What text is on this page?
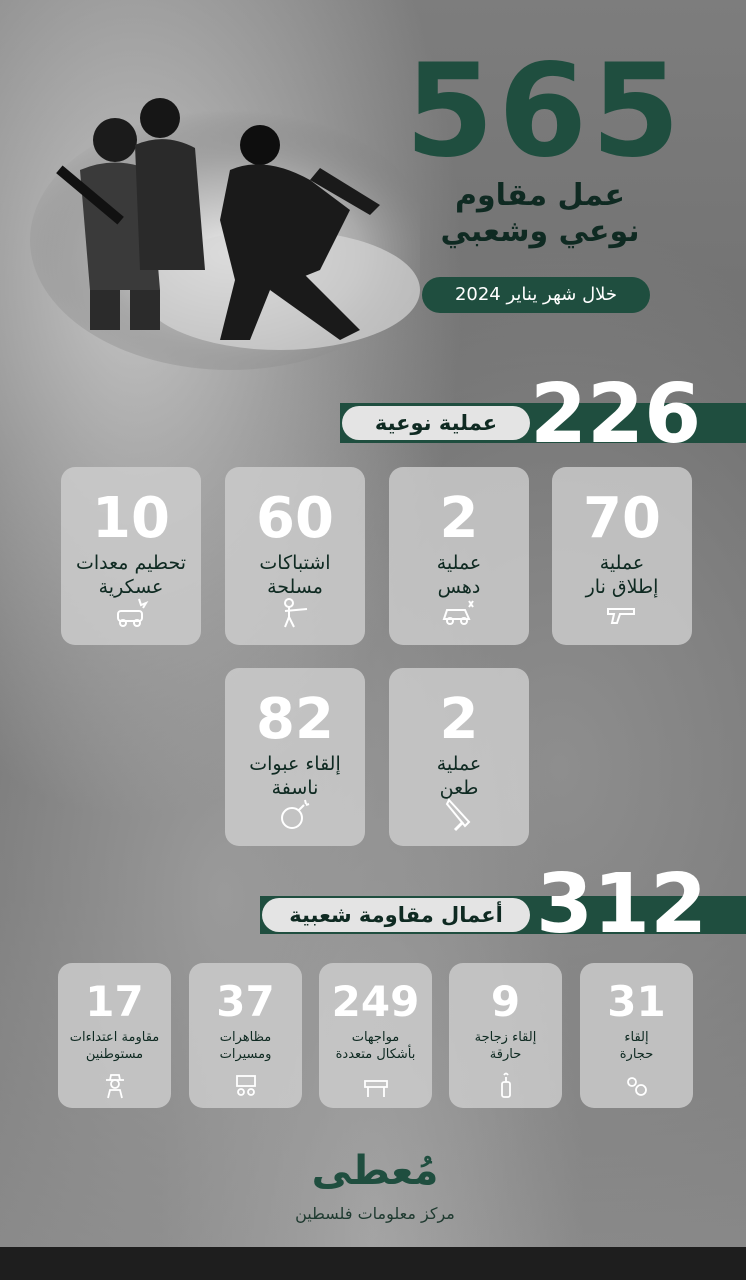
565
عمل مقاوم
نوعي وشعبي
خلال شهر يناير 2024
عملية نوعية 226
70
عملية
إطلاق نار
2
عملية
دهس
60
اشتباكات
مسلحة
10
تحطيم معدات
عسكرية
2
عملية
طعن
82
إلقاء عبوات
ناسفة
أعمال مقاومة شعبية 312
31
إلقاء
حجارة
9
إلقاء زجاجة
حارقة
249
مواجهات
بأشكال متعددة
37
مظاهرات
ومسيرات
17
مقاومة اعتداءات
مستوطنين
مُعطى
مركز معلومات فلسطين
